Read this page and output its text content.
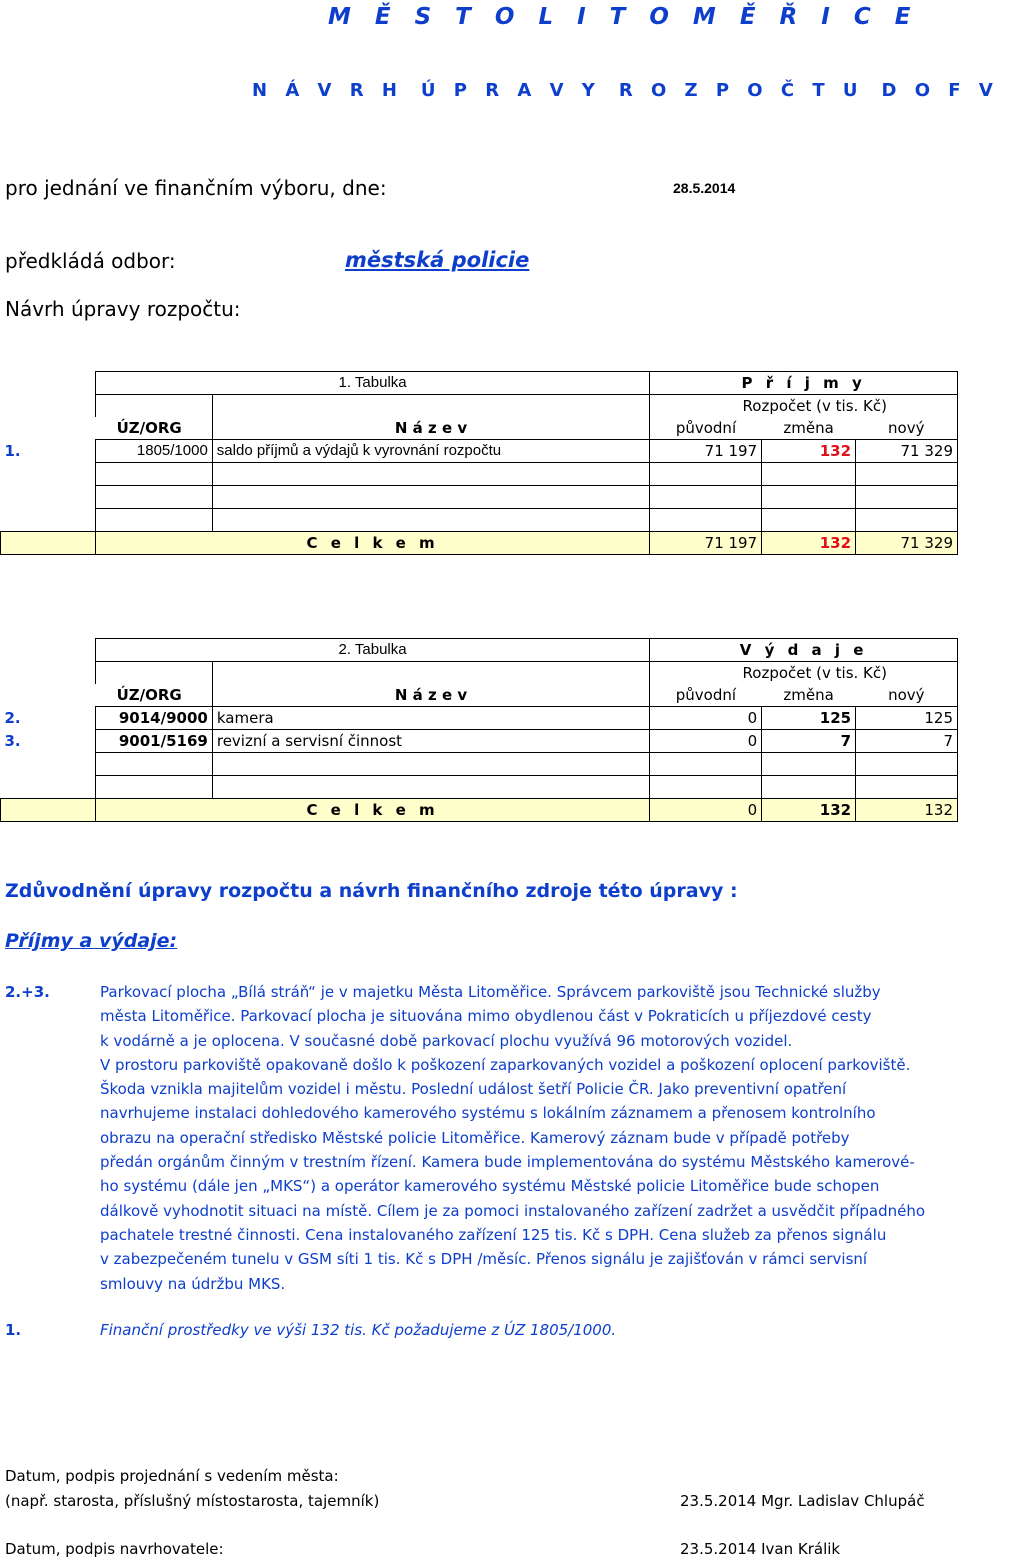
M Ě S T O L I T O M Ě Ř I C E
N Á V R H Ú P R A V Y R O Z P O Č T U D O F V
pro jednání ve finančním výboru, dne:	28.5.2014
předkládá odbor:	městská policie
Návrh úpravy rozpočtu:
	1. Tabulka		P ř í j m y		
			Rozpočet (v tis. Kč)		
ÚZ/ORG		N á z e v	původní	změna	nový
1.	1805/1000	saldo příjmů a výdajů k vyrovnání rozpočtu	71 197	132	71 329

	C e l k e m		71 197	132	71 329
	2. Tabulka		V ý d a j e		
			Rozpočet (v tis. Kč)		
ÚZ/ORG		N á z e v	původní	změna	nový
2.	9014/9000	kamera	0	125	125
3.	9001/5169	revizní a servisní činnost	0	7	7

	C e l k e m		0	132	132
Zdůvodnění úpravy rozpočtu a návrh finančního zdroje této úpravy :
Příjmy a výdaje:
2.+3.	Parkovací plocha „Bílá stráň“ je v majetku Města Litoměřice. Správcem parkoviště jsou Technické služby
města Litoměřice. Parkovací plocha je situována mimo obydlenou část v Pokraticích u příjezdové cesty
k vodárně a je oplocena. V současné době parkovací plochu využívá 96 motorových vozidel.
V prostoru parkoviště opakovaně došlo k poškození zaparkovaných vozidel a poškození oplocení parkoviště.
Škoda vznikla majitelům vozidel i městu. Poslední událost šetří Policie ČR. Jako preventivní opatření
navrhujeme instalaci dohledového kamerového systému s lokálním záznamem a přenosem kontrolního
obrazu na operační středisko Městské policie Litoměřice. Kamerový záznam bude v případě potřeby
předán orgánům činným v trestním řízení. Kamera bude implementována do systému Městského kamerové-
ho systému (dále jen „MKS“) a operátor kamerového systému Městské policie Litoměřice bude schopen
dálkově vyhodnotit situaci na místě. Cílem je za pomoci instalovaného zařízení zadržet a usvědčit případného
pachatele trestné činnosti. Cena instalovaného zařízení 125 tis. Kč s DPH. Cena služeb za přenos signálu
v zabezpečeném tunelu v GSM síti 1 tis. Kč s DPH /měsíc. Přenos signálu je zajišťován v rámci servisní
smlouvy na údržbu MKS.
1.	Finanční prostředky ve výši 132 tis. Kč požadujeme z ÚZ 1805/1000.
Datum, podpis projednání s vedením města:
(např. starosta, příslušný místostarosta, tajemník)	23.5.2014 Mgr. Ladislav Chlupáč
Datum, podpis navrhovatele:	23.5.2014 Ivan Králik
